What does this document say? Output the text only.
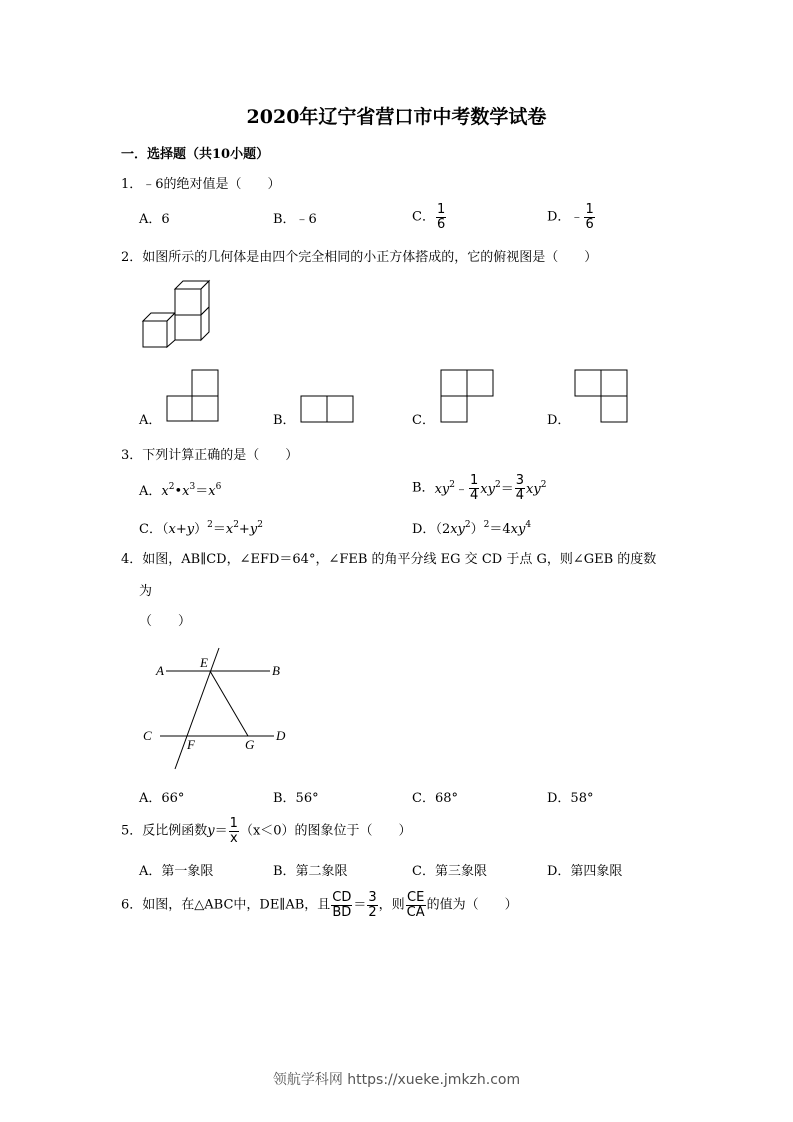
2020年辽宁省营口市中考数学试卷
一．选择题（共10小题）
1．﹣6的绝对值是（　　）
A．6	B．﹣6	C． $\frac{1}{6}$	D．﹣ $\frac{1}{6}$
2．如图所示的几何体是由四个完全相同的小正方体搭成的，它的俯视图是（　　）
A．	B．	C．	D．
3．下列计算正确的是（　　）
A．$x^2•x^3=x^6$	B．$xy^2﹣ \frac{1}{4} xy^2= \frac{3}{4} xy^2$
C．$(x+y)^2=x^2+y^2$	D．$(2xy^2)^2=4xy^4$
4．如图，AB∥CD，∠EFD＝64°，∠FEB 的角平分线 EG 交 CD 于点 G，则∠GEB 的度数
为
（　　）
A	B
C	D
E
F	G
A．66°	B．56°	C．68°	D．58°
5．反比例函数$y= \frac{1}{x} (x<0)$的图象位于（　　）
A．第一象限	B．第二象限	C．第三象限	D．第四象限
6．如图，在△ABC中，DE∥AB，且 $\frac{CD}{BD} = \frac{3}{2}$ ，则 $\frac{CE}{CA}$ 的值为（　　）
领航学科网 https://xueke.jmkzh.com
